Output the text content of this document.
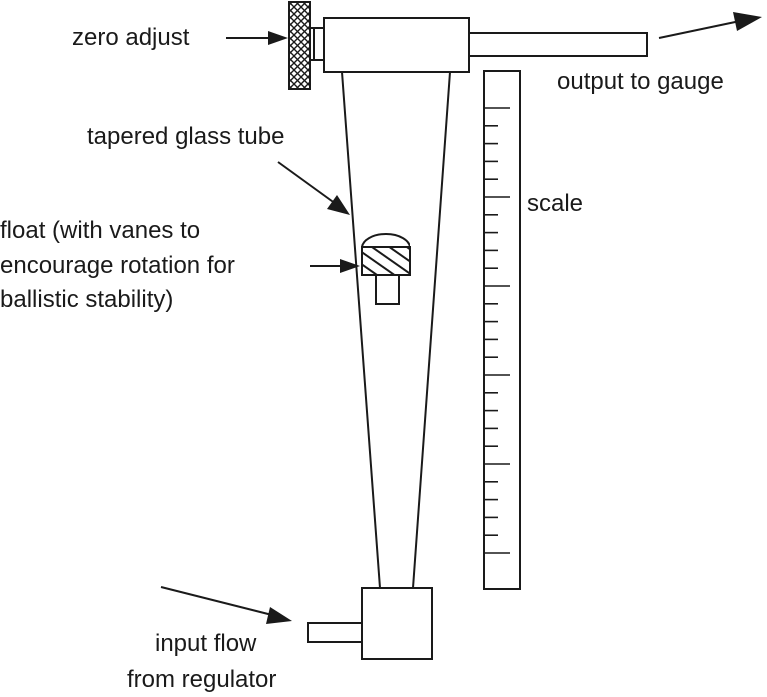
zero adjust
output to gauge
tapered glass tube
scale
float (with vanes to
encourage rotation for
ballistic stability)
input flow
from regulator
